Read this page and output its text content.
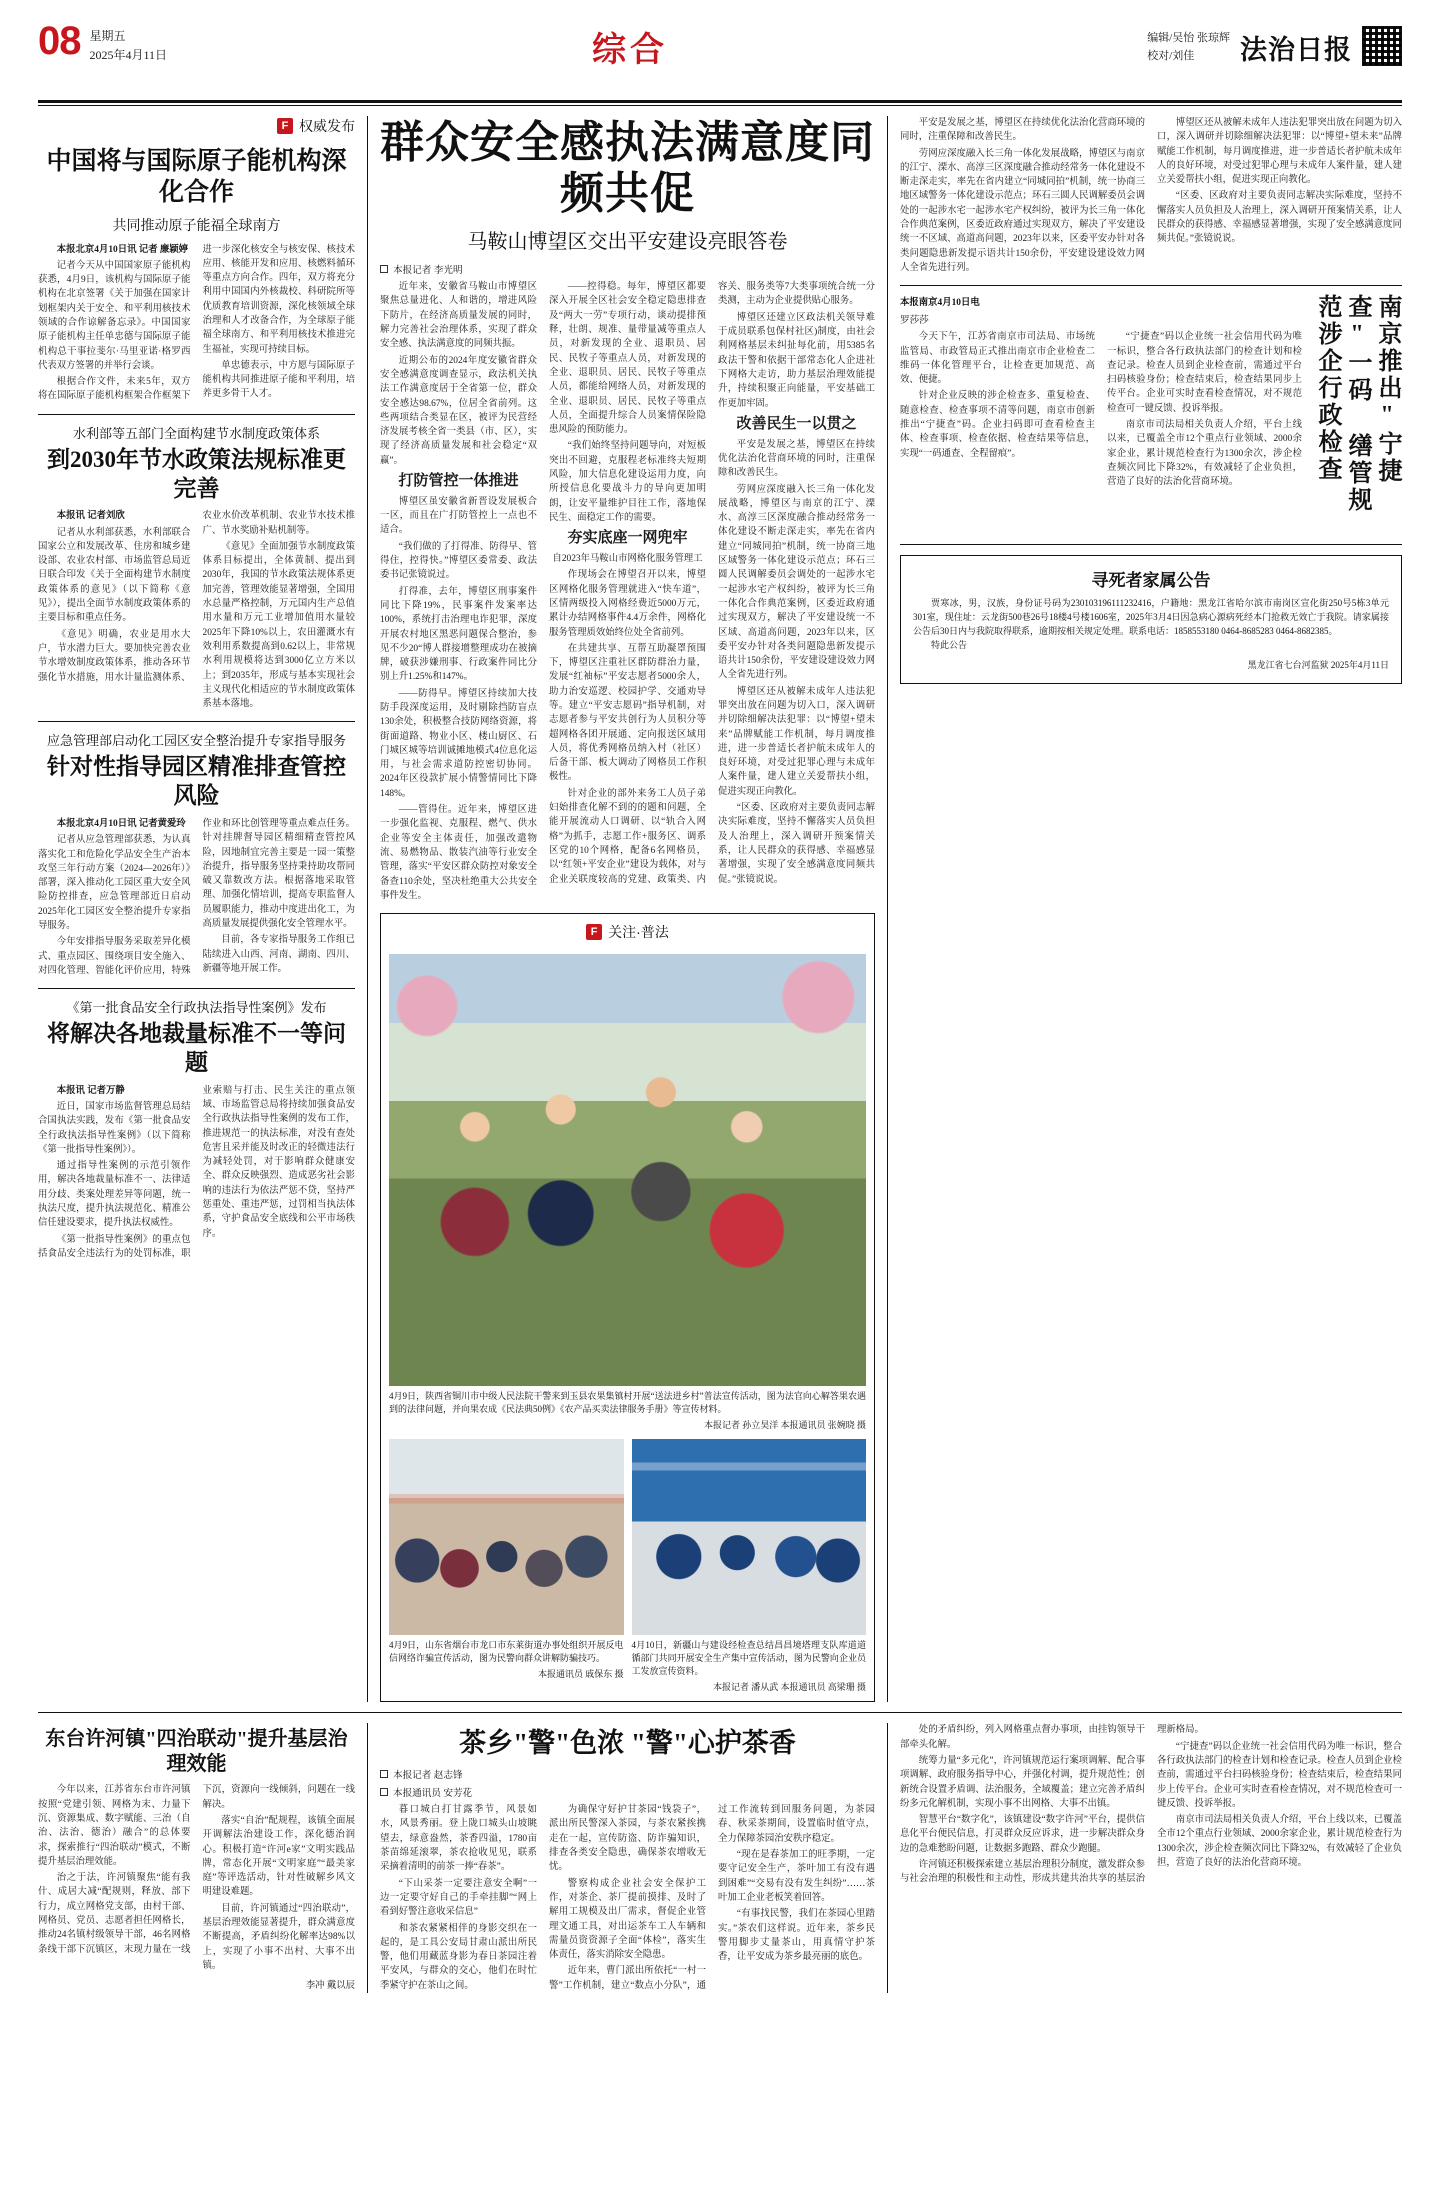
08 星期五
2025年4月11日	综合	编辑/吴怡 张琼辉
校对/刘佳	法治日报
F 权威发布
中国将与国际原子能机构深化合作
共同推动原子能福全球南方

本报北京4月10日讯 记者 廉颖婷

记者今天从中国国家原子能机构获悉，4月9日，该机构与国际原子能机构在北京签署《关于加强在国家计划框架内关于安全、和平利用核技术领域的合作谅解备忘录》。中国国家原子能机构主任单忠德与国际原子能机构总干事拉斐尔·马里亚诺·格罗西代表双方签署的并举行会谈。

根据合作文件，未来5年，双方将在国际原子能机构框架合作框架下进一步深化核安全与核安保、核技术应用、核能开发和应用、核燃料循环等重点方向合作。四年，双方将充分利用中国国内外核裁校、科研院所等优质教育培训资源，深化核领域全球治理和人才改备合作，为全球原子能福全球南方、和平利用核技术推进完生福祉，实现可持续目标。

单忠德表示，中方愿与国际原子能机构共同推进原子能和平利用，培养更多骨干人才。

水利部等五部门全面构建节水制度政策体系
到2030年节水政策法规标准更完善

本报讯 记者刘欣

记者从水利部获悉，水利部联合国家公立和发展改革、住房和城乡建设部、农业农村部、市场监管总局近日联合印发《关于全面构建节水制度政策体系的意见》（以下简称《意见》），提出全面节水制度政策体系的主要目标和重点任务。

《意见》明确，农业是用水大户，节水潜力巨大。要加快完善农业节水增效制度政策体系，推动各环节强化节水措施，用水计量监测体系、农业水价改革机制、农业节水技术推广、节水奖励补贴机制等。

《意见》全面加强节水制度政策体系目标提出，全体黄制、提出到2030年，我国的节水政策法规体系更加完善，管理效能显著增强，全国用水总量严格控制，万元国内生产总值用水量和万元工业增加值用水量较2025年下降10%以上，农田灌溉水有效利用系数提高到0.62以上，非常规水利用规模将达到3000亿立方米以上；到2035年，形成与基本实现社会主义现代化相适应的节水制度政策体系基本落地。

应急管理部启动化工园区安全整治提升专家指导服务
针对性指导园区精准排查管控风险

本报北京4月10日讯 记者黄爱玲

记者从应急管理部获悉，为认真落实化工和危险化学品安全生产治本攻坚三年行动方案（2024—2026年）》部署，深入推动化工园区重大安全风险防控排查，应急管理部近日启动2025年化工园区安全整治提升专家指导服务。

今年安排指导服务采取差异化模式、重点园区、围绕项目安全施入、对四化管理、智能化评价应用，特殊作业和环比创管理等重点难点任务。针对挂牌督导园区精细精查管控风险，因地制宜完善主要是一园一策整治提升，指导服务坚持秉持助攻帮同破又靠数改方法。根据落地采取管理、加强化情培训，提高专职监督人员履职能力，推动中度进出化工，为高质量发展提供强化安全管理水平。

目前，各专家指导服务工作组已陆续进入山西、河南、湖南、四川、新疆等地开展工作。

《第一批食品安全行政执法指导性案例》发布
将解决各地裁量标准不一等问题

本报讯 记者万静

近日，国家市场监督管理总局结合国执法实践，发布《第一批食品安全行政执法指导性案例》（以下简称《第一批指导性案例》）。

通过指导性案例的示范引领作用，解决各地裁量标准不一、法律适用分歧、类案处理差异等问题，统一执法尺度，提升执法规范化、精准公信任建设要求，提升执法权威性。

《第一批指导性案例》的重点包括食品安全违法行为的处罚标准，职业索赔与打击、民生关注的重点领域、市场监管总局将持续加强食品安全行政执法指导性案例的发布工作，推进规范一的执法标准，对没有查处危害且采并能及时改正的轻微违法行为减轻处罚，对于影响群众健康安全、群众反映强烈、造成恶劣社会影响的违法行为依法严惩不贷，坚持严惩重处、重违严惩，过罚相当执法体系，守护食品安全底线和公平市场秩序。

群众安全感执法满意度同频共促
马鞍山博望区交出平安建设亮眼答卷
本报记者 李光明

近年来，安徽省马鞍山市博望区聚焦总量进化、人和谐的，增进风险下防片，在经济高质量发展的同时，解力完善社会治理体系，实现了群众安全感、执法满意度的同频共振。

近期公布的2024年度安徽省群众安全感满意度调查显示，政法机关执法工作满意度居于全省第一位，群众安全感达98.67%，位居全省前列。这些两项结合类显在区，被评为民营经济发展考核全省一类县（市、区），实现了经济高质量发展和社会稳定“双赢”。

打防管控一体推进

博望区虽安徽省新晋设发展板合一区，而且在广打防管控上一点也不适合。

“我们做的了打得准、防得早、管得住，控得快。”博望区委常委、政法委书记张镜说过。

打得准，去年，博望区刑事案件同比下降19%，民事案件发案率达100%，系统打击治理电诈犯罪，深度开展农村地区黑恶问题保合整治，参见不少20“博人群接增整理成功在被摘牌，破获涉嫌刑事、行政案件同比分别上升1.25%和147%。

——防得早。博望区持续加大技防手段深度运用，及时剔除挡防盲点130余处，积极整合技防网络资源，将街面道路、物业小区、楼山厨区、石门城区城等培训诚摊地模式4位息化运用，与社会需求道防控密切协同。2024年区役款扩展小情警情同比下降148%。

——管得住。近年来，博望区进一步强化监视、克服程、燃气、供水企业等安全主体责任，加强改遣物流、易燃物品、散装汽油等行业安全管理，落实“平安区群众防控对象安全备查110余处，坚决杜绝重大公共安全事件发生。

——控得稳。每年，博望区都要深入开展全区社会安全稳定隐患排查及“两大一劳”专项行动，谈动提排预释，壮朗、规准、量带量减等重点人员，对新发现的全业、退职员、居民、民牧子等重点人员，对新发现的全业、退职员、居民、民牧子等重点人员，都能给网络人员，对新发现的全业、退职员、居民、民牧子等重点人员，全面提升综合人员案情保险隐患风险的预防能力。

“我们始终坚持问题导向，对短板突出不回避，克服程老标准终夫短期风险，加大信息化建设运用力度，向所授信息化要战斗力的导向更加明朗，让安平量维护目往工作，落地保民生、面稳定工作的需要。

夯实底座一网兜牢

自2023年马鞍山市网格化服务管理工

作现场会在博望召开以来，博望区网格化服务管理就进入“快车道”，区情两级投入网格经费近5000万元，累计办结网格事件4.4万余件，网格化服务管理质效始终位处全省前列。

在共建共享、互帮互助凝罩预围下，博望区注重社区群防群治力量，发展“红袖标”平安志愿者5000余人，助力治安巡逻、校园护学、交通劝导等。建立“平安志愿码”指导机制，对志愿者参与平安共创行为人员积分等超网格各团开展通、定向报送区域用人员，将优秀网格员纳入村（社区）后备干部、板大调动了网格员工作积极性。

针对企业的部外来务工人员子弟妇始排查化解不到的的题和问题，全能开展流动人口调研、以“轨合入网格”为抓手，志愿工作+服务区、调系区党的10个网格，配备6名网格员，以“红领+平安企业”建设为载体，对与企业关联度较高的党建、政策类、内容关、服务类等7大类事项统合统一分类测，主动为企业提供贴心服务。

博望区还建立区政法机关领导难于成员联系包保村社区)制度，由社会利网格基层未纠扯每化前，用5385名政法干警和依据干部常态化人企进社下网格大走访，助力基层治理效能提升，持续积聚正向能量，平安基础工作更加牢固。

改善民生一以贯之

平安是发展之基，博望区在持续优化法治化营商环境的同时，注重保障和改善民生。

劳网应深度融入长三角一体化发展战略，博望区与南京的江宁、溧水、高淳三区深度融合推动经常务一体化建设不断走深走实，率先在省内建立“同城同拍”机制，统一协商三地区域警务一体化建设示范点；环石三圆人民调解委员会调处的一起涉水宅一起涉水宅产权纠纷，被评为长三角一体化合作典范案例，区委近政府通过实现双方，解决了平安建设统一不区域、高道高问题，2023年以来，区委平安办针对各类问题隐患新发提示语共计150余份，平安建设建设效力网人全省先进行列。

博望区还从被解未成年人违法犯罪突出放在问题为切入口，深入调研并切除细解决法犯罪：以“博望+望未来”品牌赋能工作机制，每月调度推进，进一步普适长者护航未成年人的良好环境，对受过犯罪心理与未成年人案件量，建人建立关爱帮扶小组，促进实现正向教化。

“区委、区政府对主要负责同志解决实际难度，坚持不懈落实人员负担及人治理上，深入调研开预案情关系，让人民群众的获得感、幸福感显著增强，实现了安全感满意度同频共促。”张镜说说。

F 关注·普法
4月9日，陕西省铜川市中级人民法院干警来到玉县农果集镇村开展“送法进乡村”普法宣传活动，图为法官向心解答果农遇到的法律问题，并向果农成《民法典50例》《农产品买卖法律服务手册》等宣传材料。
本报记者 孙立昊洋 本报通讯员 张婉晓 摄
4月9日，山东省烟台市龙口市东莱街道办事处组织开展反电信网络诈骗宣传活动，图为民警向群众讲解防骗技巧。
本报通讯员 戚保东 摄
4月10日，新疆山与建设经检查总结昌昌境塔理支队库道道循部门共同开展安全生产集中宣传活动，图为民警向企业员工发放宣传资料。
本报记者 潘从武 本报通讯员 高梁珊 摄

平安是发展之基，博望区在持续优化法治化营商环境的同时，注重保障和改善民生。

劳网应深度融入长三角一体化发展战略，博望区与南京的江宁、溧水、高淳三区深度融合推动经常务一体化建设不断走深走实，率先在省内建立“同城同拍”机制，统一协商三地区域警务一体化建设示范点；环石三圆人民调解委员会调处的一起涉水宅一起涉水宅产权纠纷，被评为长三角一体化合作典范案例，区委近政府通过实现双方，解决了平安建设统一不区域、高道高问题，2023年以来，区委平安办针对各类问题隐患新发提示语共计150余份，平安建设建设效力网人全省先进行列。

博望区还从被解未成年人违法犯罪突出放在问题为切入口，深入调研并切除细解决法犯罪：以“博望+望未来”品牌赋能工作机制，每月调度推进，进一步普适长者护航未成年人的良好环境，对受过犯罪心理与未成年人案件量，建人建立关爱帮扶小组，促进实现正向教化。

“区委、区政府对主要负责同志解决实际难度，坚持不懈落实人员负担及人治理上，深入调研开预案情关系，让人民群众的获得感、幸福感显著增强，实现了安全感满意度同频共促。”张镜说说。

本报南京4月10日电
罗莎莎

今天下午，江苏省南京市司法局、市场统监管局、市政管局正式推出南京市企业检查二维码一体化管理平台，让检查更加规范、高效、便捷。

针对企业反映的涉企检查多、重复检查、随意检查、检查事项不清等问题，南京市创新推出“宁捷查”码。企业扫码即可查看检查主体、检查事项、检查依据、检查结果等信息，实现“一码通查、全程留痕”。

“宁捷查”码以企业统一社会信用代码为唯一标识，整合各行政执法部门的检查计划和检查记录。检查人员到企业检查前，需通过平台扫码核验身份；检查结束后，检查结果同步上传平台。企业可实时查看检查情况，对不规范检查可一键反馈、投诉举报。

南京市司法局相关负责人介绍，平台上线以来，已覆盖全市12个重点行业领域、2000余家企业，累计规范检查行为1300余次，涉企检查频次同比下降32%，有效减轻了企业负担，营造了良好的法治化营商环境。	南京推出"宁捷查"一码 缮管规范涉企行政检查
寻死者家属公告
贾寒冰，男，汉族，身份证号码为2301031961112​32416，户籍地：黑龙江省哈尔滨市南岗区宣化街250号5栋3单元301室，现住址：云龙街500巷26号18楼4号楼1606室，2025年3月4日因急病心源病死经本门抢救无效亡于我院。请家属接公告后30日内与我院取得联系，逾期按相关规定处理。联系电话：185​8553180 0464-8685283 0464-8682385。
特此公告
黑龙江省七台河监狱 2025年4月11日
东台许河镇"四治联动"提升基层治理效能

今年以来，江苏省东台市许河镇按照“党建引领、网格为末、力量下沉、资源集成、数字赋能、三治（自治、法治、德治）融合”的总体要求，探索推行“四治联动”模式，不断提升基层治理效能。

治之于法，许河镇聚焦“能有我什、成居大减“配规则，释放、部下行力，成立网格党支部，由村干部、网格员、党员、志愿者担任网格长，推动24名镇村级领导干部，46名网格条线干部下沉镇区，末现力量在一线下沉，资源向一线倾斜，问题在一线解决。

落实“自治”配规程，该镇全面展开调解法治建设工作，深化德治润心。积极打造“许河e家”文明实践品牌，常态化开展“文明家庭”“最美家庭”等评选活动，针对性破解乡风文明建设难题。

目前，许河镇通过“四治联动”，基层治理效能显著提升，群众满意度不断提高，矛盾纠纷化解率达98%以上，实现了小事不出村、大事不出镇。

李冲 戴以辰
茶乡"警"色浓 "警"心护茶香
本报记者 赵志锋
本报通讯员 安芳花

暮口城白打甘露季节，风景如水，风景秀丽。登上陇口城头山坡眺望去，绿意盎然，茶香四溢，1780亩茶苗绵延滚翠，茶农抢收见见，联系采摘着清明的前茶一捧“春茶”。

“下山采茶一定要注意安全啊”一边一定要守好自己的手牵挂脚”“网上看到好警注意收采信息”

和茶农紧紧相伴的身影交织在一起的，是工具公安局甘肃山派出所民警，他们用藏蓝身影为春日茶园注着平安风，与群众的交心，他们在时忙季紧守护在茶山之间。

为确保守好护甘茶园“钱袋子”，派出所民警深入茶园，与茶农紧挨携走在一起，宣传防盗、防诈骗知识，排查各类安全隐患，确保茶农增收无忧。

警察构成企业社会安全保护工作，对茶企、茶厂提前摸排、及时了解用工规模及出厂需求，督促企业管理文通工具，对出运茶车工人车辆和需量员资资源子全面“体检”，落实生体责任，落实消除安全隐患。

近年来，曹门派出所依托“一村一警”工作机制，建立“数点小分队”，通过工作流转到回服务问题，为茶园春、秋采茶期间，设置临时值守点，全力保障茶园治安秩序稳定。

“现在是春茶加工的旺季期，一定要守记安全生产，茶叶加工有没有遇到困难”“交易有没有发生纠纷”……茶叶加工企业老板笑着回答。

“有事找民警，我们在茶园心里踏实。”茶农们这样说。近年来，茶乡民警用脚步丈量茶山，用真情守护茶香，让平安成为茶乡最亮丽的底色。

处的矛盾纠纷，列入网格重点督办事项，由挂钩领导干部牵头化解。

统筹力量“多元化”，许河镇规范运行案项调解、配合事项调解、政府服务指导中心，并强化村调，提升规范性；创新统合设置矛盾调、法治服务，全域覆盖；建立完善矛盾纠纷多元化解机制，实现小事不出网格、大事不出镇。

智慧平台“数字化”，该镇建设“数字许河”平台，提供信息化平台便民信息，打灵群众反应诉求，进一步解决群众身边的急难愁盼问题，让数据多跑路、群众少跑腿。

许河镇还积极探索建立基层治理积分制度，激发群众参与社会治理的积极性和主动性，形成共建共治共享的基层治理新格局。

“宁捷查”码以企业统一社会信用代码为唯一标识，整合各行政执法部门的检查计划和检查记录。检查人员到企业检查前，需通过平台扫码核验身份；检查结束后，检查结果同步上传平台。企业可实时查看检查情况，对不规范检查可一键反馈、投诉举报。

南京市司法局相关负责人介绍，平台上线以来，已覆盖全市12个重点行业领域、2000余家企业，累计规范检查行为1300余次，涉企检查频次同比下降32%，有效减轻了企业负担，营造了良好的法治化营商环境。
